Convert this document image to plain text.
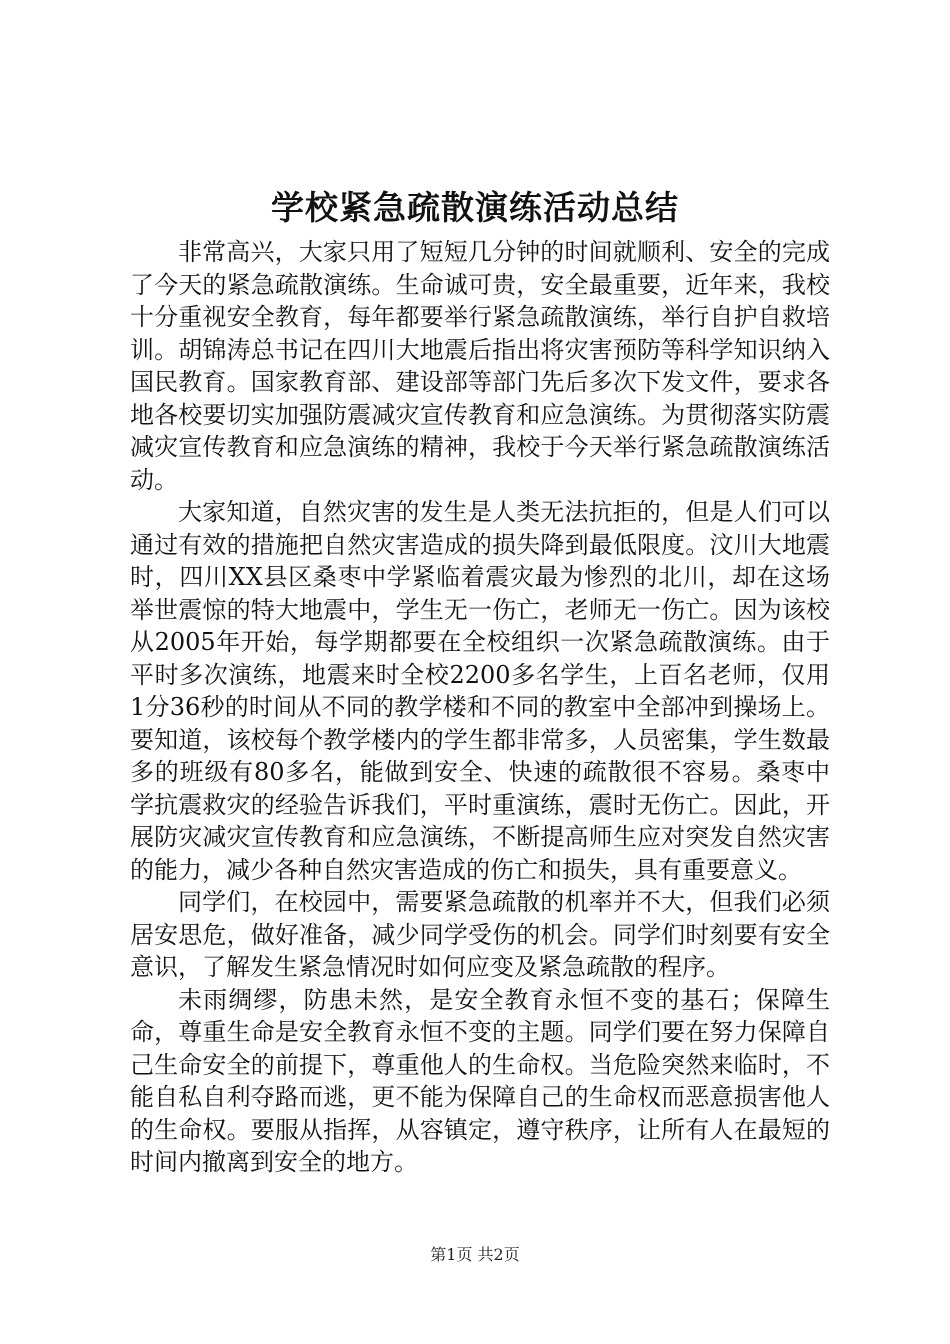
学校紧急疏散演练活动总结

非常高兴，大家只用了短短几分钟的时间就顺利、安全的完成了今天的紧急疏散演练。生命诚可贵，安全最重要，近年来，我校十分重视安全教育，每年都要举行紧急疏散演练，举行自护自救培训。胡锦涛总书记在四川大地震后指出将灾害预防等科学知识纳入国民教育。国家教育部、建设部等部门先后多次下发文件，要求各地各校要切实加强防震减灾宣传教育和应急演练。为贯彻落实防震减灾宣传教育和应急演练的精神，我校于今天举行紧急疏散演练活动。

大家知道，自然灾害的发生是人类无法抗拒的，但是人们可以通过有效的措施把自然灾害造成的损失降到最低限度。汶川大地震时，四川XX县区桑枣中学紧临着震灾最为惨烈的北川，却在这场举世震惊的特大地震中，学生无一伤亡，老师无一伤亡。因为该校从2005年开始，每学期都要在全校组织一次紧急疏散演练。由于平时多次演练，地震来时全校2200多名学生，上百名老师，仅用1分36秒的时间从不同的教学楼和不同的教室中全部冲到操场上。要知道，该校每个教学楼内的学生都非常多，人员密集，学生数最多的班级有80多名，能做到安全、快速的疏散很不容易。桑枣中学抗震救灾的经验告诉我们，平时重演练，震时无伤亡。因此，开展防灾减灾宣传教育和应急演练，不断提高师生应对突发自然灾害的能力，减少各种自然灾害造成的伤亡和损失，具有重要意义。

同学们，在校园中，需要紧急疏散的机率并不大，但我们必须居安思危，做好准备，减少同学受伤的机会。同学们时刻要有安全意识，了解发生紧急情况时如何应变及紧急疏散的程序。

未雨绸缪，防患未然，是安全教育永恒不变的基石；保障生命，尊重生命是安全教育永恒不变的主题。同学们要在努力保障自己生命安全的前提下，尊重他人的生命权。当危险突然来临时，不能自私自利夺路而逃，更不能为保障自己的生命权而恶意损害他人的生命权。要服从指挥，从容镇定，遵守秩序，让所有人在最短的时间内撤离到安全的地方。

第1页 共2页
